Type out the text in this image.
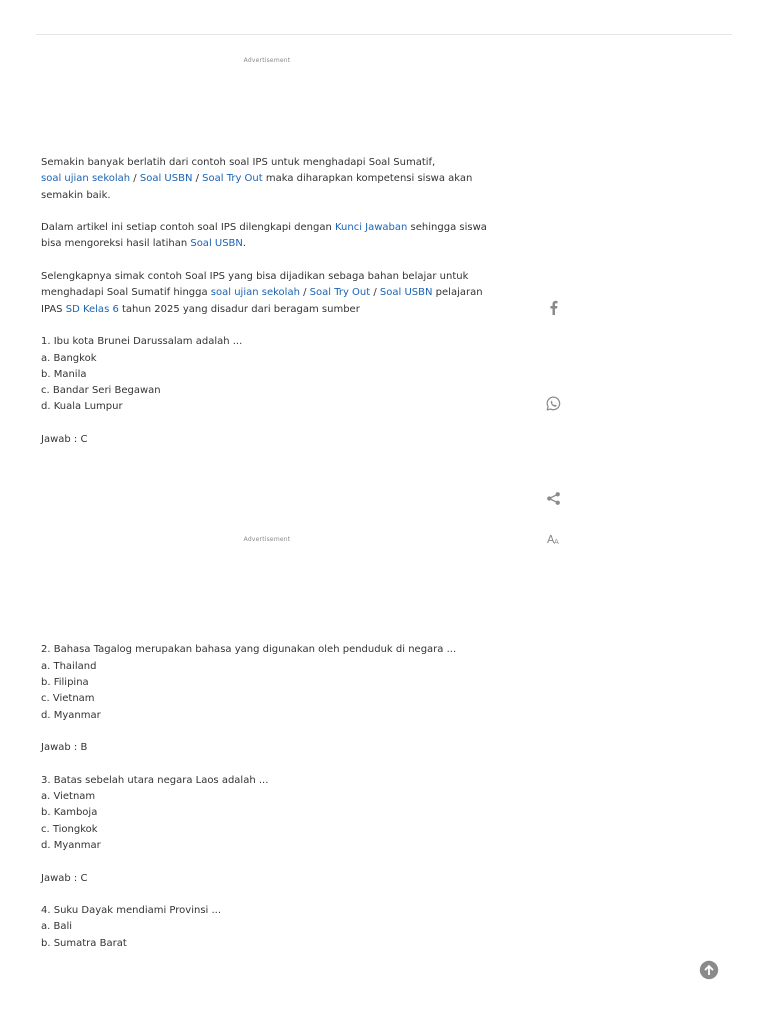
Advertisement

Semakin banyak berlatih dari contoh soal IPS untuk menghadapi Soal Sumatif,
soal ujian sekolah / Soal USBN / Soal Try Out maka diharapkan kompetensi siswa akan
semakin baik.

Dalam artikel ini setiap contoh soal IPS dilengkapi dengan Kunci Jawaban sehingga siswa
bisa mengoreksi hasil latihan Soal USBN.

Selengkapnya simak contoh Soal IPS yang bisa dijadikan sebaga bahan belajar untuk
menghadapi Soal Sumatif hingga soal ujian sekolah / Soal Try Out / Soal USBN pelajaran
IPAS SD Kelas 6 tahun 2025 yang disadur dari beragam sumber

1. Ibu kota Brunei Darussalam adalah ...

a. Bangkok

b. Manila

c. Bandar Seri Begawan

d. Kuala Lumpur

Jawab : C

Advertisement

2. Bahasa Tagalog merupakan bahasa yang digunakan oleh penduduk di negara ...

a. Thailand

b. Filipina

c. Vietnam

d. Myanmar

Jawab : B

3. Batas sebelah utara negara Laos adalah ...

a. Vietnam

b. Kamboja

c. Tiongkok

d. Myanmar

Jawab : C

4. Suku Dayak mendiami Provinsi ...

a. Bali

b. Sumatra Barat

A A
